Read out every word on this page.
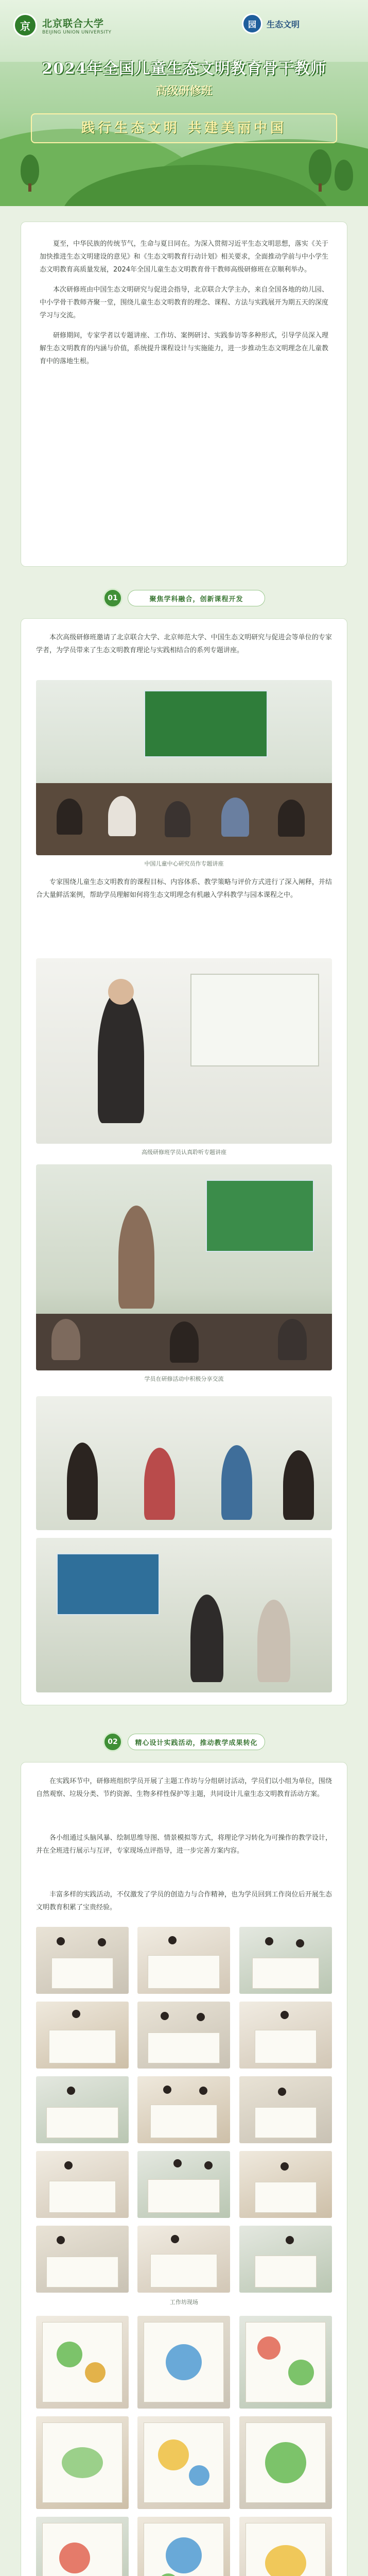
京	北京联合大学
BEIJING UNION UNIVERSITY
园	生态文明
2024年全国儿童生态文明教育骨干教师
高级研修班
践行生态文明 共建美丽中国

夏至，中华民族的传统节气，生命与夏日同在。为深入贯彻习近平生态文明思想，落实《关于加快推进生态文明建设的意见》和《生态文明教育行动计划》相关要求，全面推动学前与中小学生态文明教育高质量发展，2024年全国儿童生态文明教育骨干教师高级研修班在京顺利举办。

本次研修班由中国生态文明研究与促进会指导，北京联合大学主办，来自全国各地的幼儿园、中小学骨干教师齐聚一堂，围绕儿童生态文明教育的理念、课程、方法与实践展开为期五天的深度学习与交流。

研修期间，专家学者以专题讲座、工作坊、案例研讨、实践参访等多种形式，引导学员深入理解生态文明教育的内涵与价值，系统提升课程设计与实施能力，进一步推动生态文明理念在儿童教育中的落地生根。

01	聚焦学科融合，创新课程开发

本次高级研修班邀请了北京联合大学、北京师范大学、中国生态文明研究与促进会等单位的专家学者，为学员带来了生态文明教育理论与实践相结合的系列专题讲座。

中国儿童中心研究员作专题讲座

专家围绕儿童生态文明教育的课程目标、内容体系、教学策略与评价方式进行了深入阐释，并结合大量鲜活案例，帮助学员理解如何将生态文明理念有机融入学科教学与园本课程之中。

高级研修班学员认真聆听专题讲座
学员在研修活动中积极分享交流
02	精心设计实践活动，推动教学成果转化

在实践环节中，研修班组织学员开展了主题工作坊与分组研讨活动，学员们以小组为单位，围绕自然观察、垃圾分类、节约资源、生物多样性保护等主题，共同设计儿童生态文明教育活动方案。

各小组通过头脑风暴、绘制思维导图、情景模拟等方式，将理论学习转化为可操作的教学设计，并在全班进行展示与互评，专家现场点评指导，进一步完善方案内容。

丰富多样的实践活动，不仅激发了学员的创造力与合作精神，也为学员回到工作岗位后开展生态文明教育积累了宝贵经验。

工作坊现场
